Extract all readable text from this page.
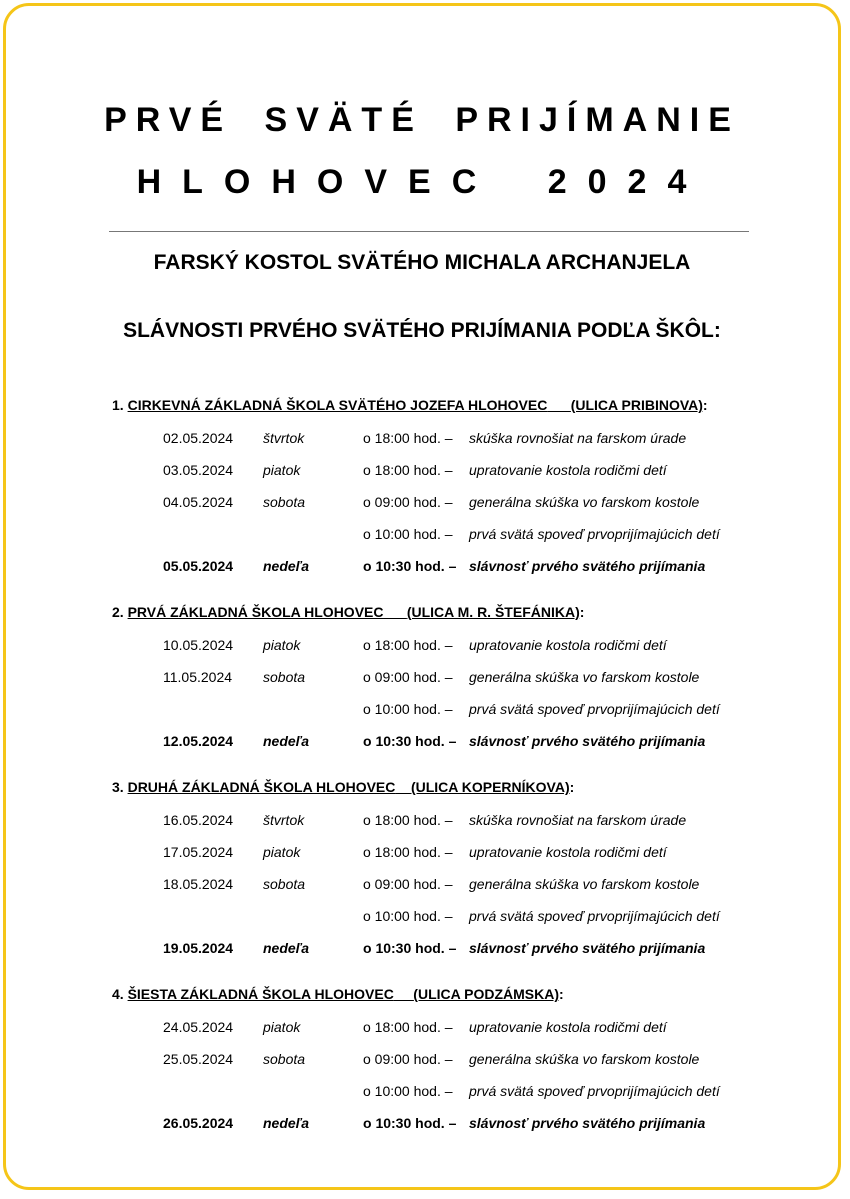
PRVÉ SVÄTÉ PRIJÍMANIE
HLOHOVEC 2024
FARSKÝ KOSTOL SVÄTÉHO MICHALA ARCHANJELA
SLÁVNOSTI PRVÉHO SVÄTÉHO PRIJÍMANIA PODĽA ŠKÔL:
1. CIRKEVNÁ ZÁKLADNÁ ŠKOLA SVÄTÉHO JOZEFA HLOHOVEC (ULICA PRIBINOVA):
02.05.2024 štvrtok	o 18:00 hod. – skúška rovnošiat na farskom úrade
03.05.2024 piatok	o 18:00 hod. – upratovanie kostola rodičmi detí
04.05.2024 sobota	o 09:00 hod. – generálna skúška vo farskom kostole
o 10:00 hod. – prvá svätá spoveď prvoprijímajúcich detí
05.05.2024 nedeľa	o 10:30 hod. – slávnosť prvého svätého prijímania
2. PRVÁ ZÁKLADNÁ ŠKOLA HLOHOVEC (ULICA M. R. ŠTEFÁNIKA):
10.05.2024 piatok	o 18:00 hod. – upratovanie kostola rodičmi detí
11.05.2024 sobota	o 09:00 hod. – generálna skúška vo farskom kostole
o 10:00 hod. – prvá svätá spoveď prvoprijímajúcich detí
12.05.2024 nedeľa	o 10:30 hod. – slávnosť prvého svätého prijímania
3. DRUHÁ ZÁKLADNÁ ŠKOLA HLOHOVEC (ULICA KOPERNÍKOVA):
16.05.2024 štvrtok	o 18:00 hod. – skúška rovnošiat na farskom úrade
17.05.2024 piatok	o 18:00 hod. – upratovanie kostola rodičmi detí
18.05.2024 sobota	o 09:00 hod. – generálna skúška vo farskom kostole
o 10:00 hod. – prvá svätá spoveď prvoprijímajúcich detí
19.05.2024 nedeľa	o 10:30 hod. – slávnosť prvého svätého prijímania
4. ŠIESTA ZÁKLADNÁ ŠKOLA HLOHOVEC (ULICA PODZÁMSKA):
24.05.2024 piatok	o 18:00 hod. – upratovanie kostola rodičmi detí
25.05.2024 sobota	o 09:00 hod. – generálna skúška vo farskom kostole
o 10:00 hod. – prvá svätá spoveď prvoprijímajúcich detí
26.05.2024 nedeľa	o 10:30 hod. – slávnosť prvého svätého prijímania
